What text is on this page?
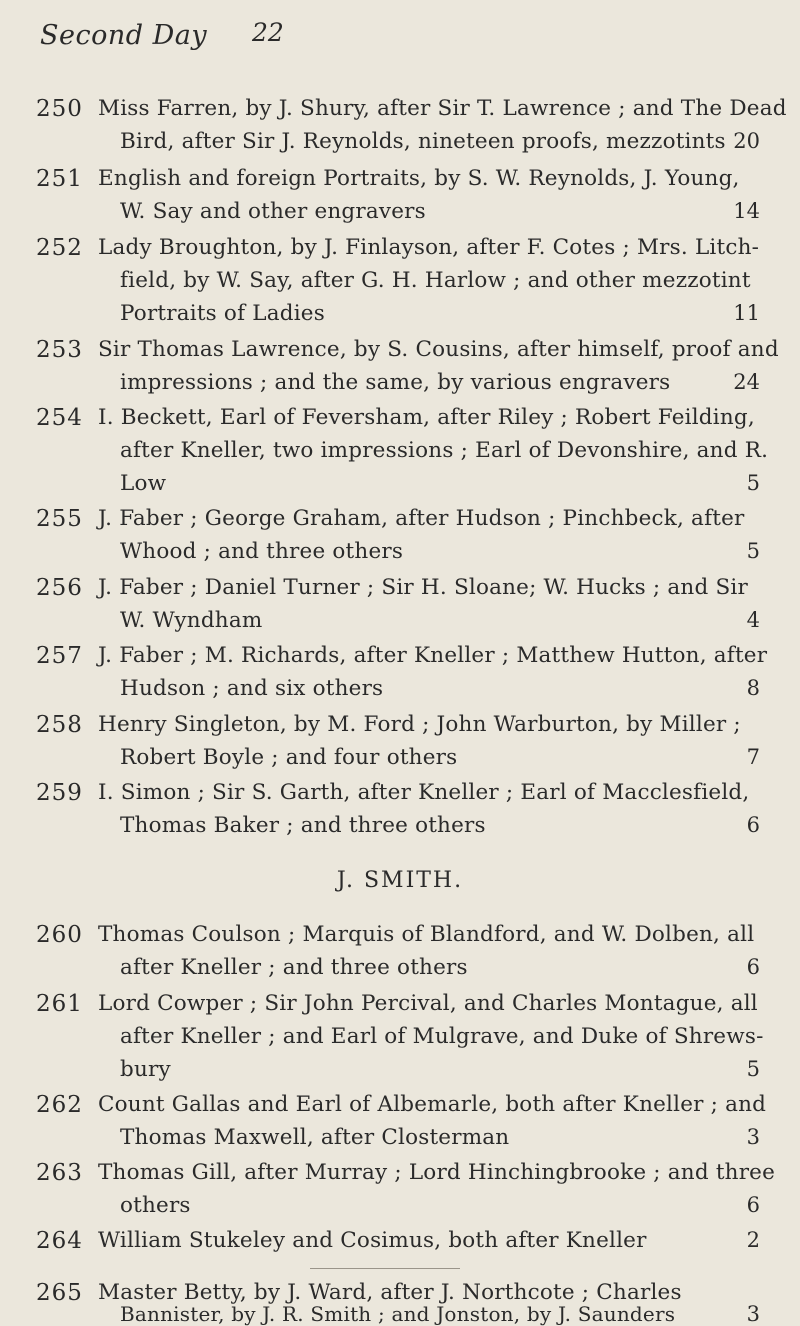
Second Day 22
250 Miss Farren, by J. Shury, after Sir T. Lawrence ; and The Dead
Bird, after Sir J. Reynolds, nineteen proofs, mezzotints 20
251 English and foreign Portraits, by S. W. Reynolds, J. Young,
W. Say and other engravers	14
252 Lady Broughton, by J. Finlayson, after F. Cotes ; Mrs. Litch-
field, by W. Say, after G. H. Harlow ; and other mezzotint
Portraits of Ladies	11
253 Sir Thomas Lawrence, by S. Cousins, after himself, proof and
impressions ; and the same, by various engravers	24
254 I. Beckett, Earl of Feversham, after Riley ; Robert Feilding,
after Kneller, two impressions ; Earl of Devonshire, and R.
Low	5
255 J. Faber ; George Graham, after Hudson ; Pinchbeck, after
Whood ; and three others	5
256 J. Faber ; Daniel Turner ; Sir H. Sloane; W. Hucks ; and Sir
W. Wyndham	4
257 J. Faber ; M. Richards, after Kneller ; Matthew Hutton, after
Hudson ; and six others	8
258 Henry Singleton, by M. Ford ; John Warburton, by Miller ;
Robert Boyle ; and four others	7
259 I. Simon ; Sir S. Garth, after Kneller ; Earl of Macclesfield,
Thomas Baker ; and three others	6
J. SMITH.
260 Thomas Coulson ; Marquis of Blandford, and W. Dolben, all
after Kneller ; and three others	6
261 Lord Cowper ; Sir John Percival, and Charles Montague, all
after Kneller ; and Earl of Mulgrave, and Duke of Shrews-
bury	5
262 Count Gallas and Earl of Albemarle, both after Kneller ; and
Thomas Maxwell, after Closterman	3
263 Thomas Gill, after Murray ; Lord Hinchingbrooke ; and three
others	6
264 William Stukeley and Cosimus, both after Kneller	2
265 Master Betty, by J. Ward, after J. Northcote ; Charles
Bannister, by J. R. Smith ; and Jonston, by J. Saunders	3
